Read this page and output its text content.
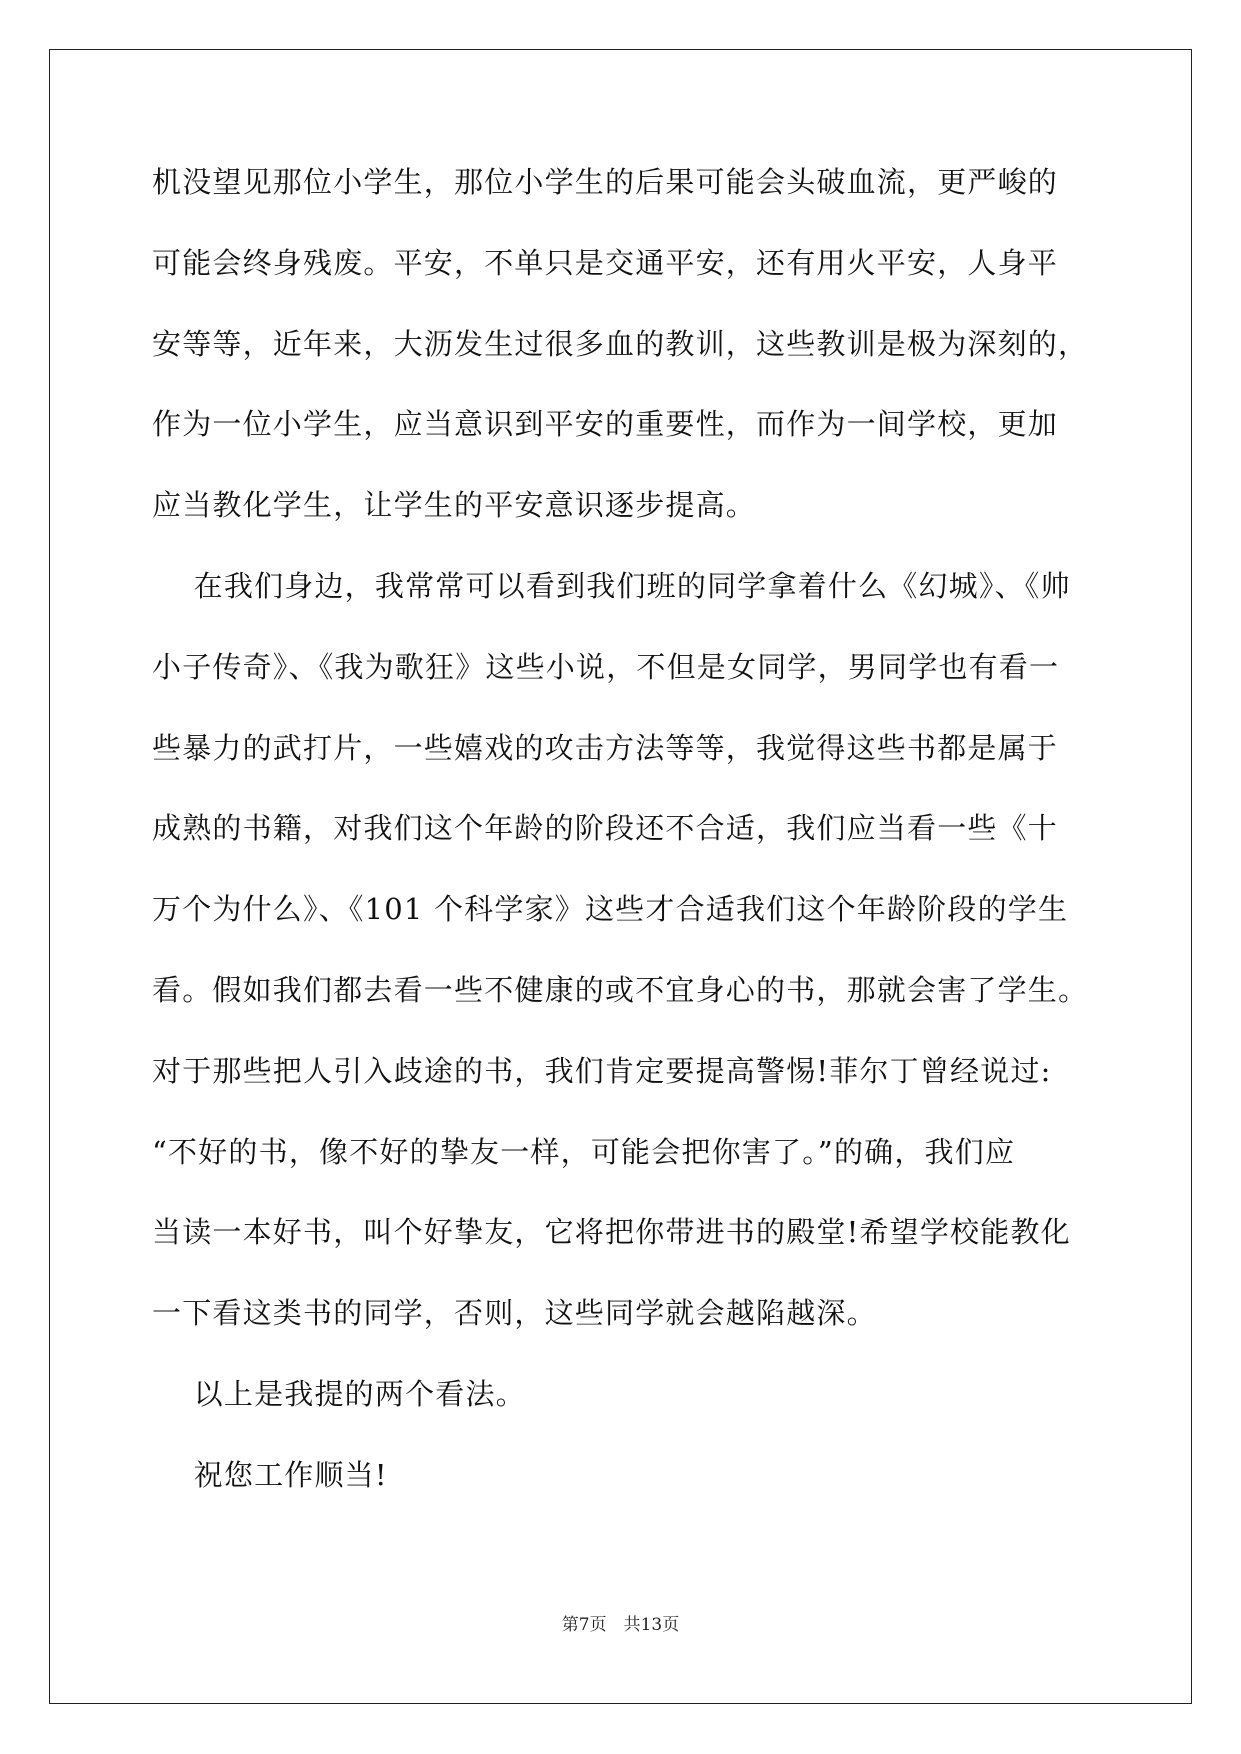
机没望见那位小学生，那位小学生的后果可能会头破血流，更严峻的
可能会终身残废。平安，不单只是交通平安，还有用火平安，人身平
安等等，近年来，大沥发生过很多血的教训，这些教训是极为深刻的，
作为一位小学生，应当意识到平安的重要性，而作为一间学校，更加
应当教化学生，让学生的平安意识逐步提高。
在我们身边，我常常可以看到我们班的同学拿着什么《幻城》、《帅
小子传奇》、《我为歌狂》这些小说，不但是女同学，男同学也有看一
些暴力的武打片，一些嬉戏的攻击方法等等，我觉得这些书都是属于
成熟的书籍，对我们这个年龄的阶段还不合适，我们应当看一些《十
万个为什么》、《101 个科学家》这些才合适我们这个年龄阶段的学生
看。假如我们都去看一些不健康的或不宜身心的书，那就会害了学生。
对于那些把人引入歧途的书，我们肯定要提高警惕!菲尔丁曾经说过:
“不好的书，像不好的挚友一样，可能会把你害了。”的确，我们应
当读一本好书，叫个好挚友，它将把你带进书的殿堂!希望学校能教化
一下看这类书的同学，否则，这些同学就会越陷越深。
以上是我提的两个看法。
祝您工作顺当!
第7页　共13页
